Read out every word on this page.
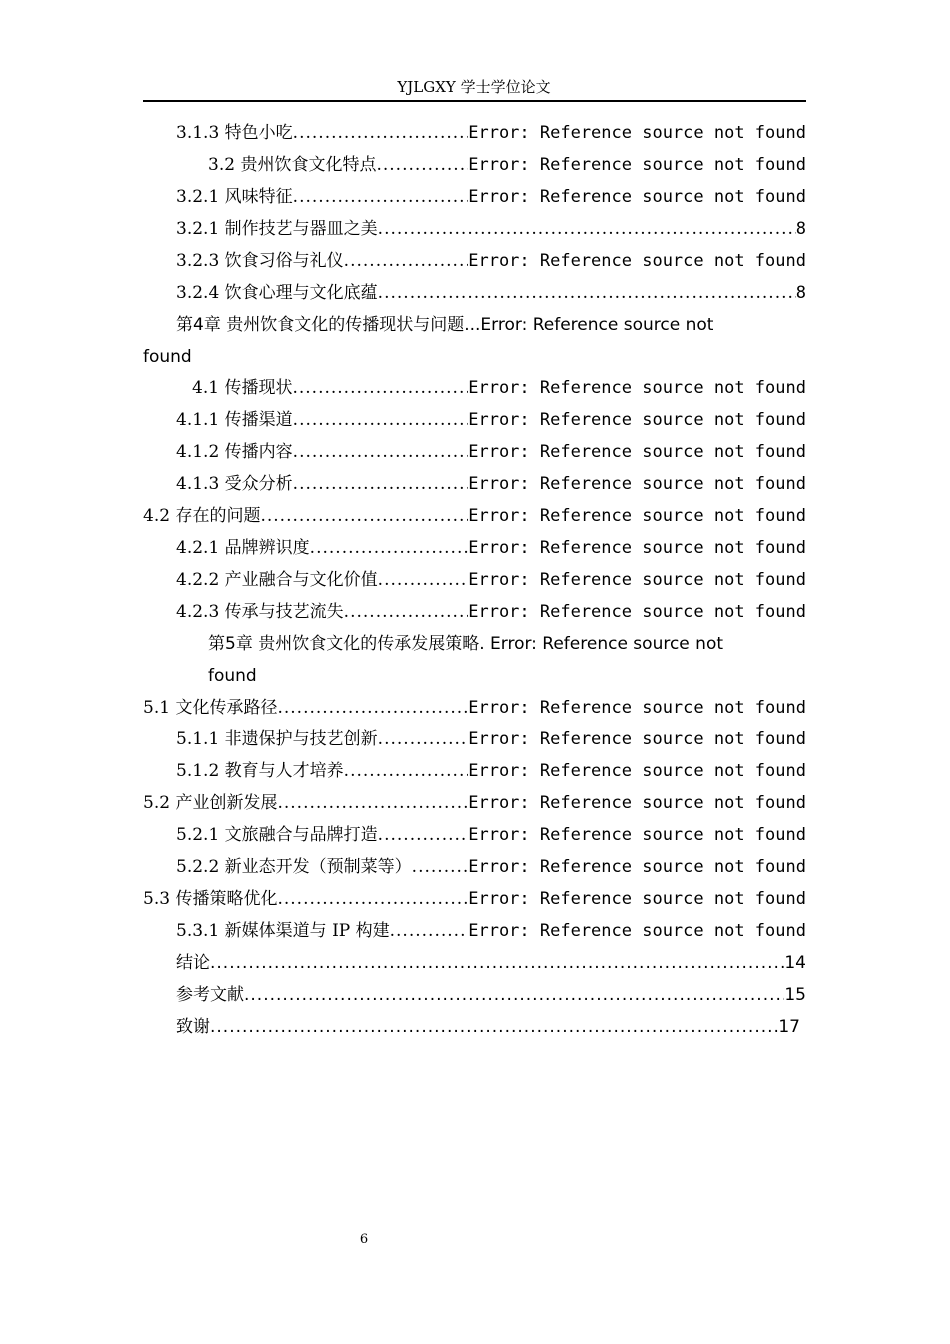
YJLGXY 学士学位论文
3.1.3 特色小吃 .....	Error: Reference source not found
3.2 贵州饮食文化特点 .....	Error: Reference source not found
3.2.1 风味特征 .....	Error: Reference source not found
3.2.1 制作技艺与器皿之美 .....	8
3.2.3 饮食习俗与礼仪 .....	Error: Reference source not found
3.2.4 饮食心理与文化底蕴 .....	8
第4章 贵州饮食文化的传播现状与问题...Error: Reference source not
found
4.1 传播现状 .....	Error: Reference source not found
4.1.1 传播渠道 .....	Error: Reference source not found
4.1.2 传播内容 .....	Error: Reference source not found
4.1.3 受众分析 .....	Error: Reference source not found
4.2 存在的问题 .....	Error: Reference source not found
4.2.1 品牌辨识度 .....	Error: Reference source not found
4.2.2 产业融合与文化价值 .....	Error: Reference source not found
4.2.3 传承与技艺流失 .....	Error: Reference source not found
第5章 贵州饮食文化的传承发展策略. Error: Reference source not
found
5.1 文化传承路径 .....	Error: Reference source not found
5.1.1 非遗保护与技艺创新 .....	Error: Reference source not found
5.1.2 教育与人才培养 .....	Error: Reference source not found
5.2 产业创新发展 .....	Error: Reference source not found
5.2.1 文旅融合与品牌打造 .....	Error: Reference source not found
5.2.2 新业态开发（预制菜等） .....	Error: Reference source not found
5.3 传播策略优化 .....	Error: Reference source not found
5.3.1 新媒体渠道与 IP 构建 .....	Error: Reference source not found
结论 .....	14
参考文献 .....	15
致谢 .....	17
6
